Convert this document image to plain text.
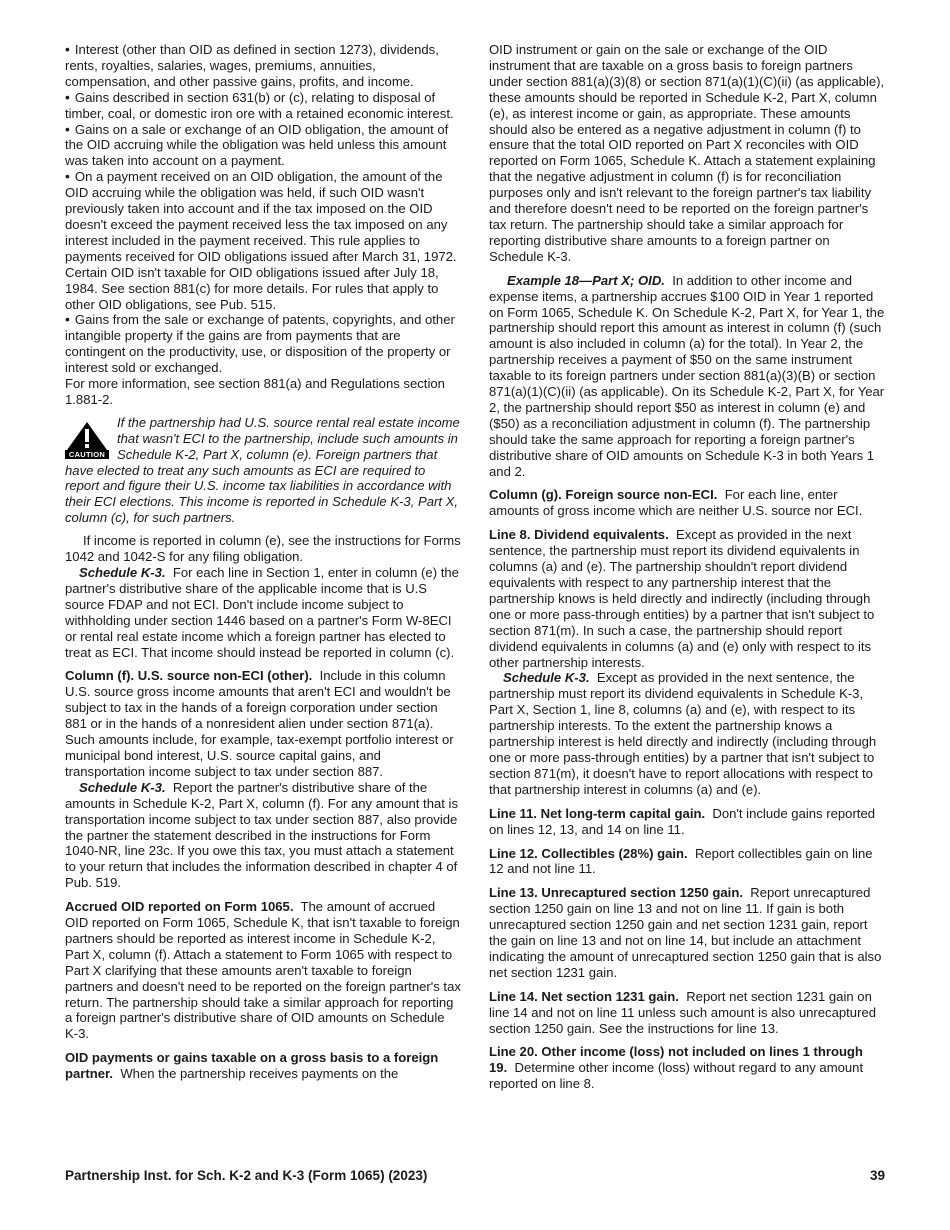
• Interest (other than OID as defined in section 1273), dividends, rents, royalties, salaries, wages, premiums, annuities, compensation, and other passive gains, profits, and income.

• Gains described in section 631(b) or (c), relating to disposal of timber, coal, or domestic iron ore with a retained economic interest.

• Gains on a sale or exchange of an OID obligation, the amount of the OID accruing while the obligation was held unless this amount was taken into account on a payment.

• On a payment received on an OID obligation, the amount of the OID accruing while the obligation was held, if such OID wasn't previously taken into account and if the tax imposed on the OID doesn't exceed the payment received less the tax imposed on any interest included in the payment received. This rule applies to payments received for OID obligations issued after March 31, 1972. Certain OID isn't taxable for OID obligations issued after July 18, 1984. See section 881(c) for more details. For rules that apply to other OID obligations, see Pub. 515.

• Gains from the sale or exchange of patents, copyrights, and other intangible property if the gains are from payments that are contingent on the productivity, use, or disposition of the property or interest sold or exchanged.

For more information, see section 881(a) and Regulations section 1.881-2.

CAUTION
If the partnership had U.S. source rental real estate income that wasn't ECI to the partnership, include such amounts in Schedule K-2, Part X, column (e). Foreign partners that have elected to treat any such amounts as ECI are required to report and figure their U.S. income tax liabilities in accordance with their ECI elections. This income is reported in Schedule K-3, Part X, column (c), for such partners.

If income is reported in column (e), see the instructions for Forms 1042 and 1042-S for any filing obligation.

Schedule K-3. For each line in Section 1, enter in column (e) the partner's distributive share of the applicable income that is U.S source FDAP and not ECI. Don't include income subject to withholding under section 1446 based on a partner's Form W-8ECI or rental real estate income which a foreign partner has elected to treat as ECI. That income should instead be reported in column (c).

Column (f). U.S. source non-ECI (other). Include in this column U.S. source gross income amounts that aren't ECI and wouldn't be subject to tax in the hands of a foreign corporation under section 881 or in the hands of a nonresident alien under section 871(a). Such amounts include, for example, tax-exempt portfolio interest or municipal bond interest, U.S. source capital gains, and transportation income subject to tax under section 887.

Schedule K-3. Report the partner's distributive share of the amounts in Schedule K-2, Part X, column (f). For any amount that is transportation income subject to tax under section 887, also provide the partner the statement described in the instructions for Form 1040-NR, line 23c. If you owe this tax, you must attach a statement to your return that includes the information described in chapter 4 of Pub. 519.

Accrued OID reported on Form 1065. The amount of accrued OID reported on Form 1065, Schedule K, that isn't taxable to foreign partners should be reported as interest income in Schedule K-2, Part X, column (f). Attach a statement to Form 1065 with respect to Part X clarifying that these amounts aren't taxable to foreign partners and doesn't need to be reported on the foreign partner's tax return. The partnership should take a similar approach for reporting a foreign partner's distributive share of OID amounts on Schedule K-3.

OID payments or gains taxable on a gross basis to a foreign partner. When the partnership receives payments on the

OID instrument or gain on the sale or exchange of the OID instrument that are taxable on a gross basis to foreign partners under section 881(a)(3)(8) or section 871(a)(1)(C)(ii) (as applicable), these amounts should be reported in Schedule K-2, Part X, column (e), as interest income or gain, as appropriate. These amounts should also be entered as a negative adjustment in column (f) to ensure that the total OID reported on Part X reconciles with OID reported on Form 1065, Schedule K. Attach a statement explaining that the negative adjustment in column (f) is for reconciliation purposes only and isn't relevant to the foreign partner's tax liability and therefore doesn't need to be reported on the foreign partner's tax return. The partnership should take a similar approach for reporting distributive share amounts to a foreign partner on Schedule K-3.

Example 18—Part X; OID. In addition to other income and expense items, a partnership accrues $100 OID in Year 1 reported on Form 1065, Schedule K. On Schedule K-2, Part X, for Year 1, the partnership should report this amount as interest in column (f) (such amount is also included in column (a) for the total). In Year 2, the partnership receives a payment of $50 on the same instrument taxable to its foreign partners under section 881(a)(3)(B) or section 871(a)(1)(C)(ii) (as applicable). On its Schedule K-2, Part X, for Year 2, the partnership should report $50 as interest in column (e) and ($50) as a reconciliation adjustment in column (f). The partnership should take the same approach for reporting a foreign partner's distributive share of OID amounts on Schedule K-3 in both Years 1 and 2.

Column (g). Foreign source non-ECI. For each line, enter amounts of gross income which are neither U.S. source nor ECI.

Line 8. Dividend equivalents. Except as provided in the next sentence, the partnership must report its dividend equivalents in columns (a) and (e). The partnership shouldn't report dividend equivalents with respect to any partnership interest that the partnership knows is held directly and indirectly (including through one or more pass-through entities) by a partner that isn't subject to section 871(m). In such a case, the partnership should report dividend equivalents in columns (a) and (e) only with respect to its other partnership interests.

Schedule K-3. Except as provided in the next sentence, the partnership must report its dividend equivalents in Schedule K-3, Part X, Section 1, line 8, columns (a) and (e), with respect to its partnership interests. To the extent the partnership knows a partnership interest is held directly and indirectly (including through one or more pass-through entities) by a partner that isn't subject to section 871(m), it doesn't have to report allocations with respect to that partnership interest in columns (a) and (e).

Line 11. Net long-term capital gain. Don't include gains reported on lines 12, 13, and 14 on line 11.

Line 12. Collectibles (28%) gain. Report collectibles gain on line 12 and not line 11.

Line 13. Unrecaptured section 1250 gain. Report unrecaptured section 1250 gain on line 13 and not on line 11. If gain is both unrecaptured section 1250 gain and net section 1231 gain, report the gain on line 13 and not on line 14, but include an attachment indicating the amount of unrecaptured section 1250 gain that is also net section 1231 gain.

Line 14. Net section 1231 gain. Report net section 1231 gain on line 14 and not on line 11 unless such amount is also unrecaptured section 1250 gain. See the instructions for line 13.

Line 20. Other income (loss) not included on lines 1 through 19. Determine other income (loss) without regard to any amount reported on line 8.

Partnership Inst. for Sch. K-2 and K-3 (Form 1065) (2023)	39
